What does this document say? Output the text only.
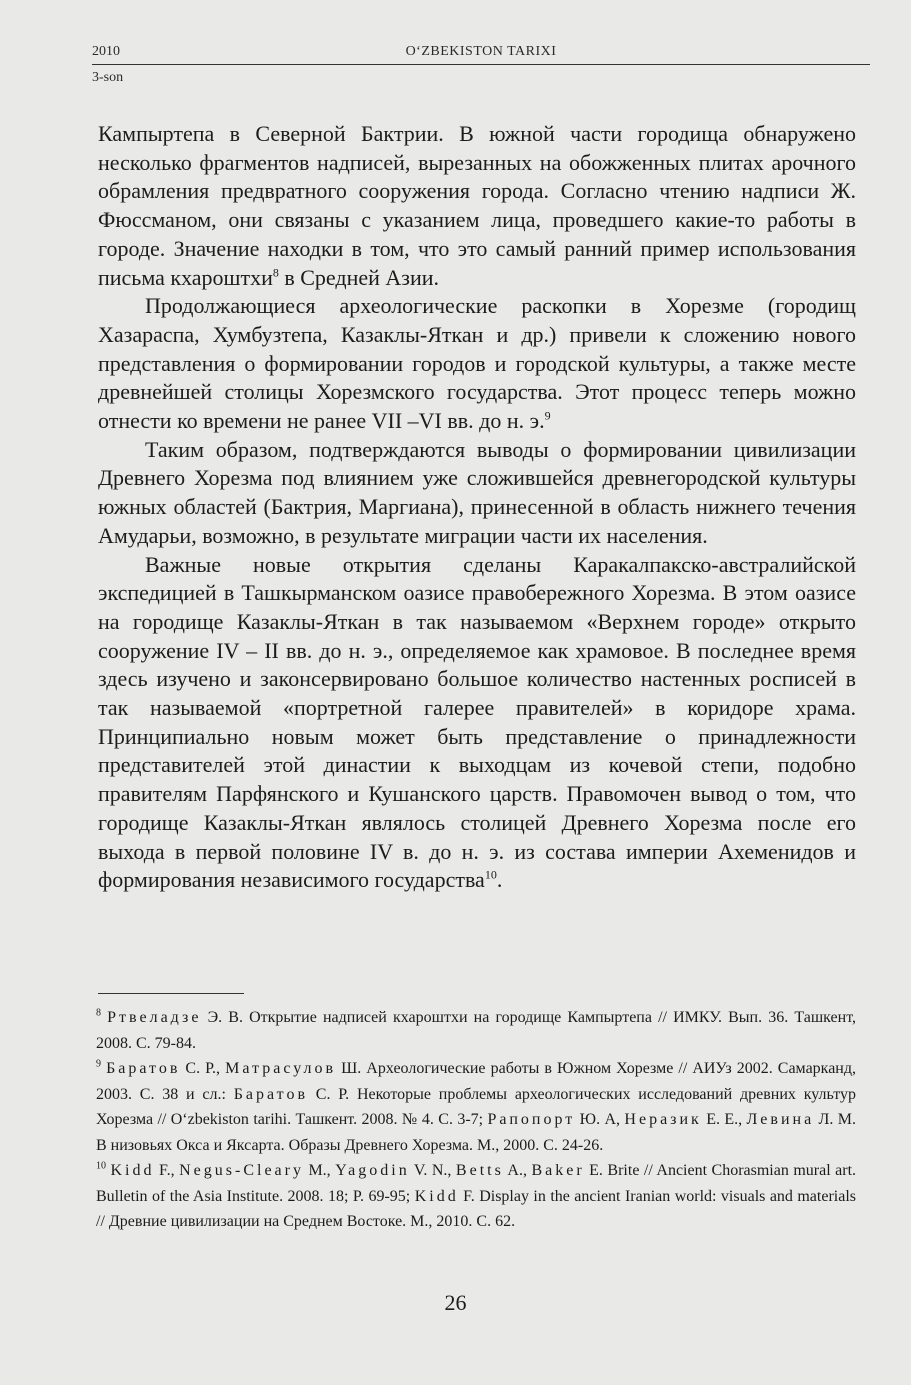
2010	O‘ZBEKISTON TARIXI
3-son

Кампыртепа в Северной Бактрии. В южной части городища обнаружено несколько фрагментов надписей, вырезанных на обожженных плитах арочного обрамления предвратного сооружения города. Согласно чтению надписи Ж. Фюссманом, они связаны с указанием лица, проведшего какие-то работы в городе. Значение находки в том, что это самый ранний пример использования письма кхароштхи$^8$ в Средней Азии.

Продолжающиеся археологические раскопки в Хорезме (городищ Хазараспа, Хумбузтепа, Казаклы-Яткан и др.) привели к сложению нового представления о формировании городов и городской культуры, а также месте древнейшей столицы Хорезмского государства. Этот процесс теперь можно отнести ко времени не ранее VII –VI вв. до н. э.$^9$

Таким образом, подтверждаются выводы о формировании цивилизации Древнего Хорезма под влиянием уже сложившейся древнегородской культуры южных областей (Бактрия, Маргиана), принесенной в область нижнего течения Амударьи, возможно, в результате миграции части их населения.

Важные новые открытия сделаны Каракалпакско-австралийской экспедицией в Ташкырманском оазисе правобережного Хорезма. В этом оазисе на городище Казаклы-Яткан в так называемом «Верхнем городе» открыто сооружение IV – II вв. до н. э., определяемое как храмовое. В последнее время здесь изучено и законсервировано большое количество настенных росписей в так называемой «портретной галерее правителей» в коридоре храма. Принципиально новым может быть представление о принадлежности представителей этой династии к выходцам из кочевой степи, подобно правителям Парфянского и Кушанского царств. Правомочен вывод о том, что городище Казаклы-Яткан являлось столицей Древнего Хорезма после его выхода в первой половине IV в. до н. э. из состава империи Ахеменидов и формирования независимого государства$^{10}$.

$^8$ Ртвеладзе Э. В. Открытие надписей кхароштхи на городище Кампыртепа // ИМКУ. Вып. 36. Ташкент, 2008. С. 79-84.

$^9$ Баратов С. Р., Матрасулов Ш. Археологические работы в Южном Хорезме // АИУз 2002. Самарканд, 2003. С. 38 и сл.: Баратов С. Р. Некоторые проблемы археологических исследований древних культур Хорезма // O‘zbekiston tarihi. Ташкент. 2008. № 4. С. 3-7; Рапопорт Ю. А, Неразик Е. Е., Левина Л. М. В низовьях Окса и Яксарта. Образы Древнего Хорезма. М., 2000. С. 24-26.

$^{10}$ Kidd F., Negus-Cleary M., Yagodin V. N., Betts A., Baker E. Brite // Ancient Chorasmian mural art. Bulletin of the Asia Institute. 2008. 18; P. 69-95; Kidd F. Display in the ancient Iranian world: visuals and materials // Древние цивилизации на Среднем Востоке. М., 2010. С. 62.

26
